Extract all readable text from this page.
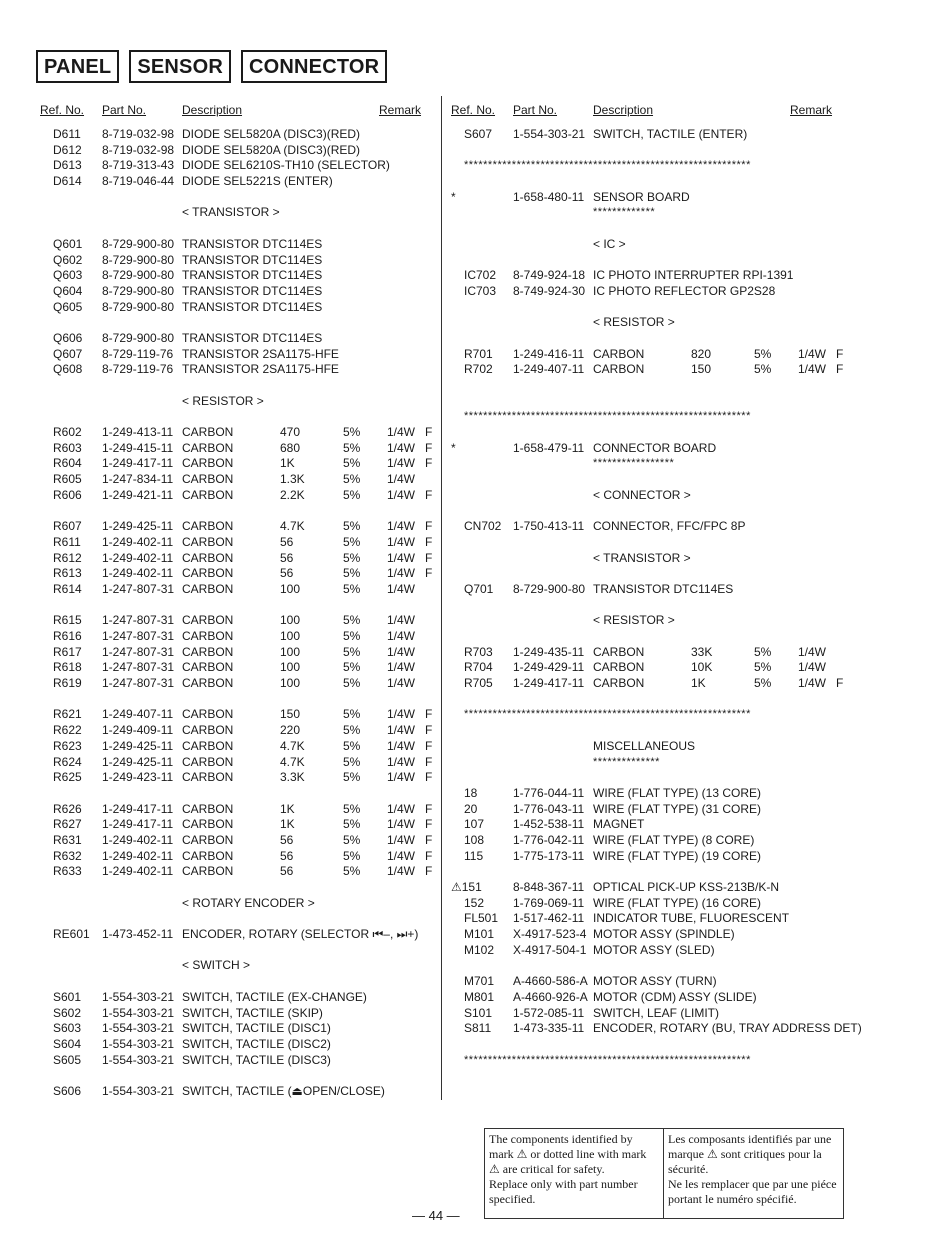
PANEL	SENSOR	CONNECTOR
Ref. No. Part No.	Description	Remark Ref. No. Part No.	Description	Remark
D611 8-719-032-98 DIODE SEL5820A (DISC3)(RED)
D612 8-719-032-98 DIODE SEL5820A (DISC3)(RED)
D613 8-719-313-43 DIODE SEL6210S-TH10 (SELECTOR)
D614 8-719-046-44 DIODE SEL5221S (ENTER)
< TRANSISTOR >
Q601 8-729-900-80 TRANSISTOR DTC114ES
Q602 8-729-900-80 TRANSISTOR DTC114ES
Q603 8-729-900-80 TRANSISTOR DTC114ES
Q604 8-729-900-80 TRANSISTOR DTC114ES
Q605 8-729-900-80 TRANSISTOR DTC114ES
Q606 8-729-900-80 TRANSISTOR DTC114ES
Q607 8-729-119-76 TRANSISTOR 2SA1175-HFE
Q608 8-729-119-76 TRANSISTOR 2SA1175-HFE
< RESISTOR >
R602 1-249-413-11 CARBON	470	5% 1/4W F
R603 1-249-415-11 CARBON	680	5% 1/4W F
R604 1-249-417-11 CARBON	1K	5% 1/4W F
R605 1-247-834-11 CARBON	1.3K	5% 1/4W
R606 1-249-421-11 CARBON	2.2K	5% 1/4W F
R607 1-249-425-11 CARBON	4.7K	5% 1/4W F
R611 1-249-402-11 CARBON	56	5% 1/4W F
R612 1-249-402-11 CARBON	56	5% 1/4W F
R613 1-249-402-11 CARBON	56	5% 1/4W F
R614 1-247-807-31 CARBON	100	5% 1/4W
R615 1-247-807-31 CARBON	100	5% 1/4W
R616 1-247-807-31 CARBON	100	5% 1/4W
R617 1-247-807-31 CARBON	100	5% 1/4W
R618 1-247-807-31 CARBON	100	5% 1/4W
R619 1-247-807-31 CARBON	100	5% 1/4W
R621 1-249-407-11 CARBON	150	5% 1/4W F
R622 1-249-409-11 CARBON	220	5% 1/4W F
R623 1-249-425-11 CARBON	4.7K	5% 1/4W F
R624 1-249-425-11 CARBON	4.7K	5% 1/4W F
R625 1-249-423-11 CARBON	3.3K	5% 1/4W F
R626 1-249-417-11 CARBON	1K	5% 1/4W F
R627 1-249-417-11 CARBON	1K	5% 1/4W F
R631 1-249-402-11 CARBON	56	5% 1/4W F
R632 1-249-402-11 CARBON	56	5% 1/4W F
R633 1-249-402-11 CARBON	56	5% 1/4W F
< ROTARY ENCODER >
RE601 1-473-452-11 ENCODER, ROTARY (SELECTOR ⏮–, ⏭+)
< SWITCH >
S601 1-554-303-21 SWITCH, TACTILE (EX-CHANGE)
S602 1-554-303-21 SWITCH, TACTILE (SKIP)
S603 1-554-303-21 SWITCH, TACTILE (DISC1)
S604 1-554-303-21 SWITCH, TACTILE (DISC2)
S605 1-554-303-21 SWITCH, TACTILE (DISC3)
S606 1-554-303-21 SWITCH, TACTILE (⏏OPEN/CLOSE)
S607 1-554-303-21 SWITCH, TACTILE (ENTER)
************************************************************
*	1-658-480-11 SENSOR BOARD
*************
< IC >
IC702 8-749-924-18 IC PHOTO INTERRUPTER RPI-1391
IC703 8-749-924-30 IC PHOTO REFLECTOR GP2S28
< RESISTOR >
R701 1-249-416-11 CARBON	820	5% 1/4W F
R702 1-249-407-11 CARBON	150	5% 1/4W F
************************************************************
*	1-658-479-11 CONNECTOR BOARD
*****************
< CONNECTOR >
CN702 1-750-413-11 CONNECTOR, FFC/FPC 8P
< TRANSISTOR >
Q701 8-729-900-80 TRANSISTOR DTC114ES
< RESISTOR >
R703 1-249-435-11 CARBON	33K	5% 1/4W
R704 1-249-429-11 CARBON	10K	5% 1/4W
R705 1-249-417-11 CARBON	1K	5% 1/4W F
************************************************************
MISCELLANEOUS
**************
18	1-776-044-11 WIRE (FLAT TYPE) (13 CORE)
20	1-776-043-11 WIRE (FLAT TYPE) (31 CORE)
107 1-452-538-11 MAGNET
108 1-776-042-11 WIRE (FLAT TYPE) (8 CORE)
115 1-775-173-11 WIRE (FLAT TYPE) (19 CORE)
⚠151	8-848-367-11 OPTICAL PICK-UP KSS-213B/K-N
152 1-769-069-11 WIRE (FLAT TYPE) (16 CORE)
FL501 1-517-462-11 INDICATOR TUBE, FLUORESCENT
M101 X-4917-523-4 MOTOR ASSY (SPINDLE)
M102 X-4917-504-1 MOTOR ASSY (SLED)
M701 A-4660-586-A MOTOR ASSY (TURN)
M801 A-4660-926-A MOTOR (CDM) ASSY (SLIDE)
S101 1-572-085-11 SWITCH, LEAF (LIMIT)
S811 1-473-335-11 ENCODER, ROTARY (BU, TRAY ADDRESS DET)
************************************************************
The components identified by mark ⚠ or dotted line with mark ⚠ are critical for safety.
Replace only with part number specified.
Les composants identifiés par une marque ⚠ sont critiques pour la sécurité.
Ne les remplacer que par une piéce portant le numéro spécifié.
— 44 —
